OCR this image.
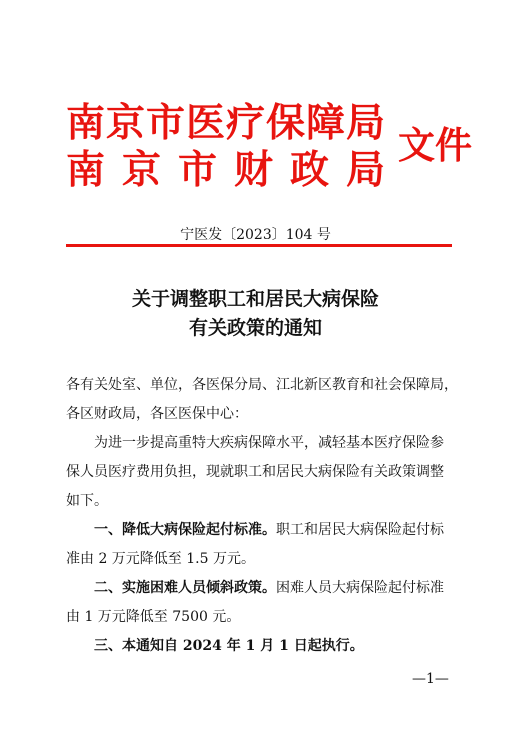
南京市医疗保障局
南京市财政局
文件
宁医发〔2023〕104 号
关于调整职工和居民大病保险
有关政策的通知
各有关处室、单位，各医保分局、江北新区教育和社会保障局，
各区财政局，各区医保中心：
为进一步提高重特大疾病保障水平，减轻基本医疗保险参
保人员医疗费用负担，现就职工和居民大病保险有关政策调整
如下。
一、降低大病保险起付标准。职工和居民大病保险起付标
准由 2 万元降低至 1.5 万元。
二、实施困难人员倾斜政策。困难人员大病保险起付标准
由 1 万元降低至 7500 元。
三、本通知自 2024 年 1 月 1 日起执行。
—1—
